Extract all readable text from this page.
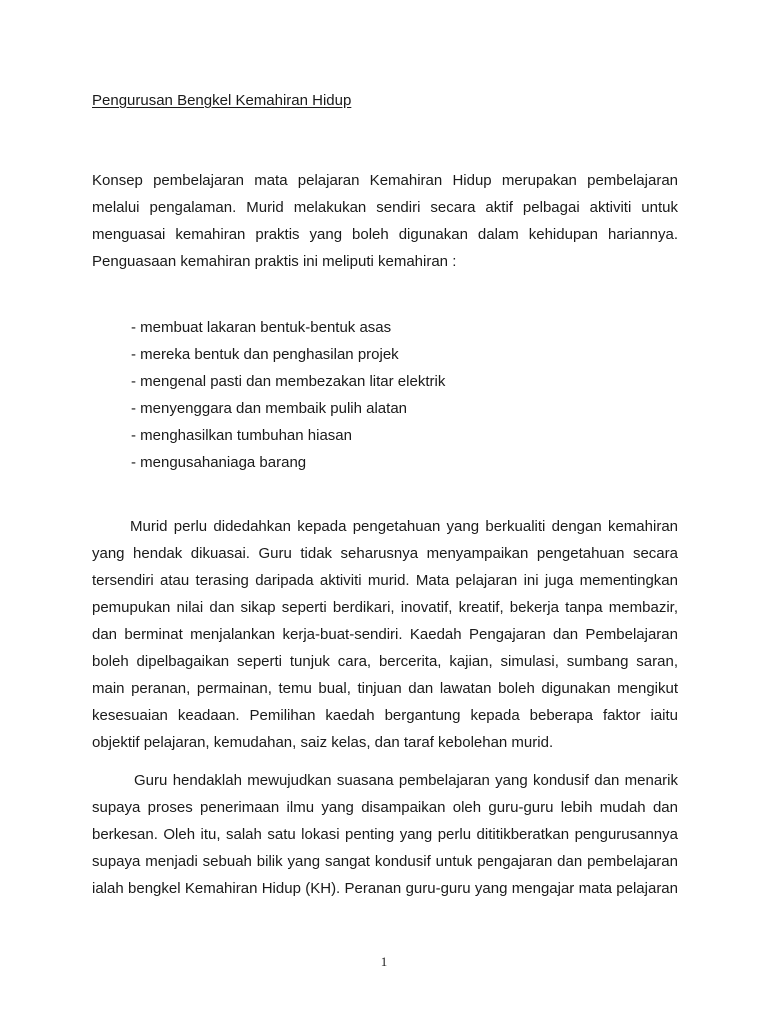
Pengurusan Bengkel Kemahiran Hidup

Konsep pembelajaran mata pelajaran Kemahiran Hidup merupakan pembelajaran
melalui pengalaman. Murid melakukan sendiri secara aktif pelbagai aktiviti untuk
menguasai kemahiran praktis yang boleh digunakan dalam kehidupan hariannya.
Penguasaan kemahiran praktis ini meliputi kemahiran :

- membuat lakaran bentuk-bentuk asas
- mereka bentuk dan penghasilan projek
- mengenal pasti dan membezakan litar elektrik
- menyenggara dan membaik pulih alatan
- menghasilkan tumbuhan hiasan
- mengusahaniaga barang

Murid perlu didedahkan kepada pengetahuan yang berkualiti dengan kemahiran
yang hendak dikuasai. Guru tidak seharusnya menyampaikan pengetahuan secara
tersendiri atau terasing daripada aktiviti murid. Mata pelajaran ini juga mementingkan
pemupukan nilai dan sikap seperti berdikari, inovatif, kreatif, bekerja tanpa membazir,
dan berminat menjalankan kerja-buat-sendiri. Kaedah Pengajaran dan Pembelajaran
boleh dipelbagaikan seperti tunjuk cara, bercerita, kajian, simulasi, sumbang saran,
main peranan, permainan, temu bual, tinjuan dan lawatan boleh digunakan mengikut
kesesuaian keadaan. Pemilihan kaedah bergantung kepada beberapa faktor iaitu
objektif pelajaran, kemudahan, saiz kelas, dan taraf kebolehan murid.

Guru hendaklah mewujudkan suasana pembelajaran yang kondusif dan menarik
supaya proses penerimaan ilmu yang disampaikan oleh guru-guru lebih mudah dan
berkesan. Oleh itu, salah satu lokasi penting yang perlu dititikberatkan pengurusannya
supaya menjadi sebuah bilik yang sangat kondusif untuk pengajaran dan pembelajaran
ialah bengkel Kemahiran Hidup (KH). Peranan guru-guru yang mengajar mata pelajaran

1
